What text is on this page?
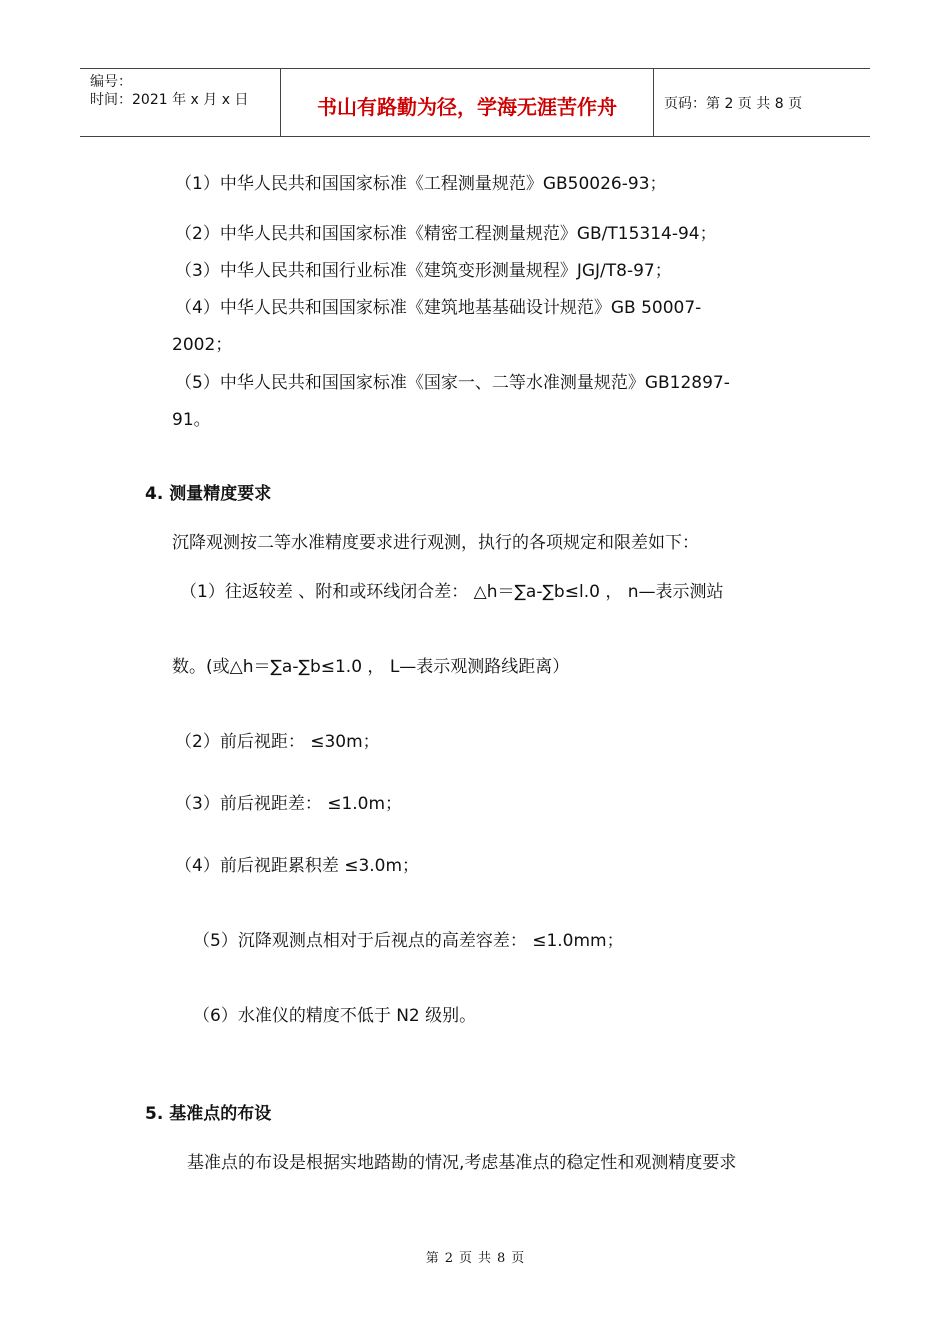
编号：
时间：2021 年 x 月 x 日	书山有路勤为径，学海无涯苦作舟	页码：第 2 页 共 8 页
（1）中华人民共和国国家标准《工程测量规范》GB50026-93；
（2）中华人民共和国国家标准《精密工程测量规范》GB/T15314-94；
（3）中华人民共和国行业标准《建筑变形测量规程》JGJ/T8-97；
（4）中华人民共和国国家标准《建筑地基基础设计规范》GB 50007-
2002；
（5）中华人民共和国国家标准《国家一、二等水准测量规范》GB12897-
91。
4. 测量精度要求
沉降观测按二等水准精度要求进行观测，执行的各项规定和限差如下：
（1）往返较差 、附和或环线闭合差： △h＝∑a-∑b≤l.0 ， n—表示测站
数。(或△h＝∑a-∑b≤1.0 ， L—表示观测路线距离）
（2）前后视距： ≤30m；
（3）前后视距差： ≤1.0m；
（4）前后视距累积差 ≤3.0m；
（5）沉降观测点相对于后视点的高差容差： ≤1.0mm；
（6）水准仪的精度不低于 N2 级别。
5. 基准点的布设
基准点的布设是根据实地踏勘的情况,考虑基准点的稳定性和观测精度要求
第 2 页 共 8 页
